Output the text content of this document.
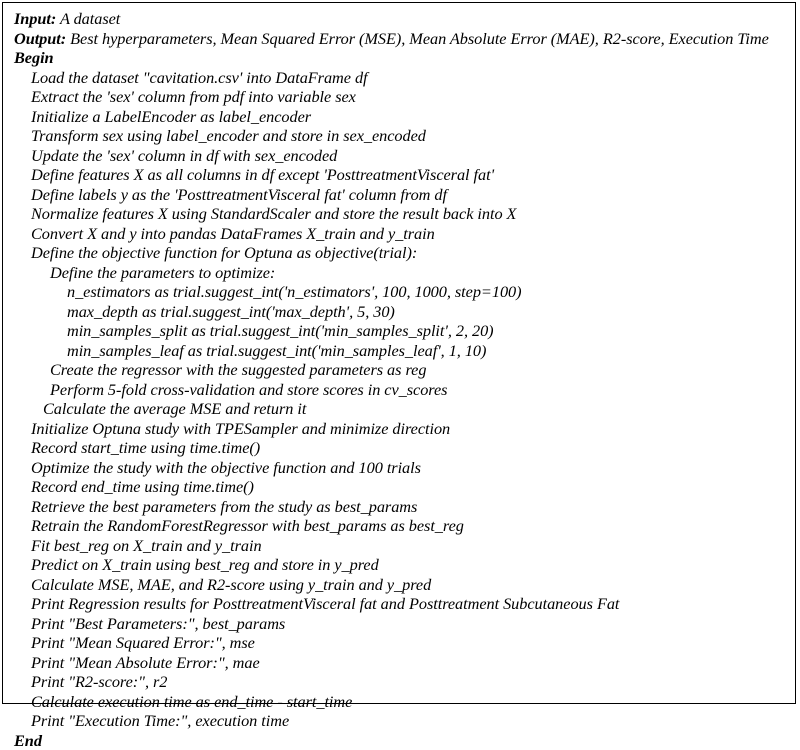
Input: A dataset
Output: Best hyperparameters, Mean Squared Error (MSE), Mean Absolute Error (MAE), R2-score, Execution Time
Begin
Load the dataset "cavitation.csv' into DataFrame df
Extract the 'sex' column from pdf into variable sex
Initialize a LabelEncoder as label_encoder
Transform sex using label_encoder and store in sex_encoded
Update the 'sex' column in df with sex_encoded
Define features X as all columns in df except 'PosttreatmentVisceral fat'
Define labels y as the 'PosttreatmentVisceral fat' column from df
Normalize features X using StandardScaler and store the result back into X
Convert X and y into pandas DataFrames X_train and y_train
Define the objective function for Optuna as objective(trial):
Define the parameters to optimize:
n_estimators as trial.suggest_int('n_estimators', 100, 1000, step=100)
max_depth as trial.suggest_int('max_depth', 5, 30)
min_samples_split as trial.suggest_int('min_samples_split', 2, 20)
min_samples_leaf as trial.suggest_int('min_samples_leaf', 1, 10)
Create the regressor with the suggested parameters as reg
Perform 5-fold cross-validation and store scores in cv_scores
Calculate the average MSE and return it
Initialize Optuna study with TPESampler and minimize direction
Record start_time using time.time()
Optimize the study with the objective function and 100 trials
Record end_time using time.time()
Retrieve the best parameters from the study as best_params
Retrain the RandomForestRegressor with best_params as best_reg
Fit best_reg on X_train and y_train
Predict on X_train using best_reg and store in y_pred
Calculate MSE, MAE, and R2-score using y_train and y_pred
Print Regression results for PosttreatmentVisceral fat and Posttreatment Subcutaneous Fat
Print "Best Parameters:", best_params
Print "Mean Squared Error:", mse
Print "Mean Absolute Error:", mae
Print "R2-score:", r2
Calculate execution time as end_time - start_time
Print "Execution Time:", execution time
End
